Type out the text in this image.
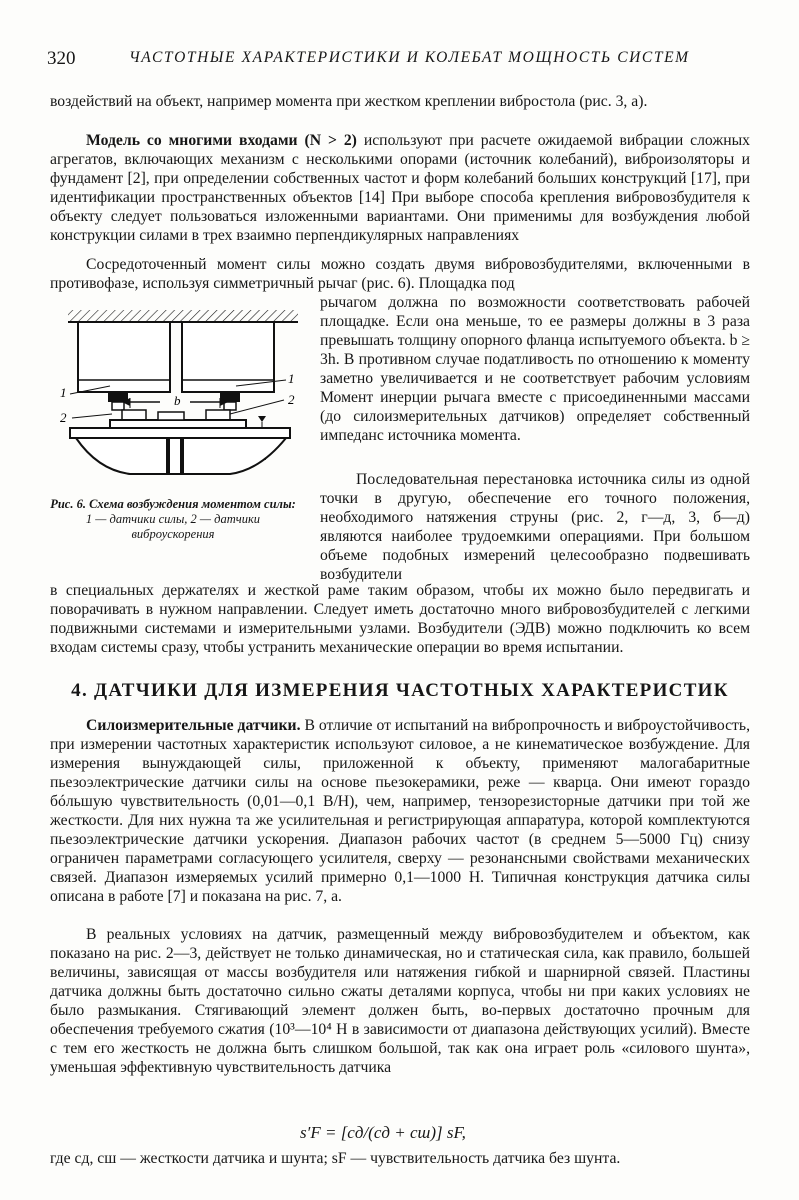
320	ЧАСТОТНЫЕ ХАРАКТЕРИСТИКИ И КОЛЕБАТ МОЩНОСТЬ СИСТЕМ
воздействий на объект, например момента при жестком креплении вибростола (рис. 3, а).
Модель со многими входами (N > 2) используют при расчете ожидаемой вибрации сложных агрегатов, включающих механизм с несколькими опорами (источник колебаний), виброизоляторы и фундамент [2], при определении собственных частот и форм колебаний больших конструкций [17], при идентификации пространственных объектов [14] При выборе способа крепления вибровозбудителя к объекту следует пользоваться изложенными вариантами. Они применимы для возбуждения любой конструкции силами в трех взаимно перпендикулярных направлениях
Сосредоточенный момент силы можно создать двумя вибровозбудителями, включенными в противофазе, используя симметричный рычаг (рис. 6). Площадка под
b
1
1
2
2
Рис. 6. Схема возбуждения моментом силы:
1 — датчики силы, 2 — датчики виброускорения
рычагом должна по возможности соответствовать рабочей площадке. Если она меньше, то ее размеры должны в 3 раза превышать толщину опорного фланца испытуемого объекта. b ≥ 3h. В противном случае податливость по отношению к моменту заметно увеличивается и не соответствует рабочим условиям Момент инерции рычага вместе с присоединенными массами (до силоизмерительных датчиков) определяет собственный импеданс источника момента.
Последовательная перестановка источника силы из одной точки в другую, обеспечение его точного положения, необходимого натяжения струны (рис. 2, г—д, 3, б—д) являются наиболее трудоемкими операциями. При большом объеме подобных измерений целесообразно подвешивать возбудители
в специальных держателях и жесткой раме таким образом, чтобы их можно было передвигать и поворачивать в нужном направлении. Следует иметь достаточно много вибровозбудителей с легкими подвижными системами и измерительными узлами. Возбудители (ЭДВ) можно подключить ко всем входам системы сразу, чтобы устранить механические операции во время испытании.
4. ДАТЧИКИ ДЛЯ ИЗМЕРЕНИЯ ЧАСТОТНЫХ ХАРАКТЕРИСТИК
Силоизмерительные датчики. В отличие от испытаний на вибропрочность и виброустойчивость, при измерении частотных характеристик используют силовое, а не кинематическое возбуждение. Для измерения вынуждающей силы, приложенной к объекту, применяют малогабаритные пьезоэлектрические датчики силы на основе пьезокерамики, реже — кварца. Они имеют гораздо бóльшую чувствительность (0,01—0,1 В/Н), чем, например, тензорезисторные датчики при той же жесткости. Для них нужна та же усилительная и регистрирующая аппаратура, которой комплектуются пьезоэлектрические датчики ускорения. Диапазон рабочих частот (в среднем 5—5000 Гц) снизу ограничен параметрами согласующего усилителя, сверху — резонансными свойствами механических связей. Диапазон измеряемых усилий примерно 0,1—1000 Н. Типичная конструкция датчика силы описана в работе [7] и показана на рис. 7, а.
В реальных условиях на датчик, размещенный между вибровозбудителем и объектом, как показано на рис. 2—3, действует не только динамическая, но и статическая сила, как правило, большей величины, зависящая от массы возбудителя или натяжения гибкой и шарнирной связей. Пластины датчика должны быть достаточно сильно сжаты деталями корпуса, чтобы ни при каких условиях не было размыкания. Стягивающий элемент должен быть, во-первых достаточно прочным для обеспечения требуемого сжатия (10³—10⁴ Н в зависимости от диапазона действующих усилий). Вместе с тем его жесткость не должна быть слишком большой, так как она играет роль «силового шунта», уменьшая эффективную чувствительность датчика
s′F = [cд/(cд + cш)] sF,
где cд, cш — жесткости датчика и шунта; sF — чувствительность датчика без шунта.
